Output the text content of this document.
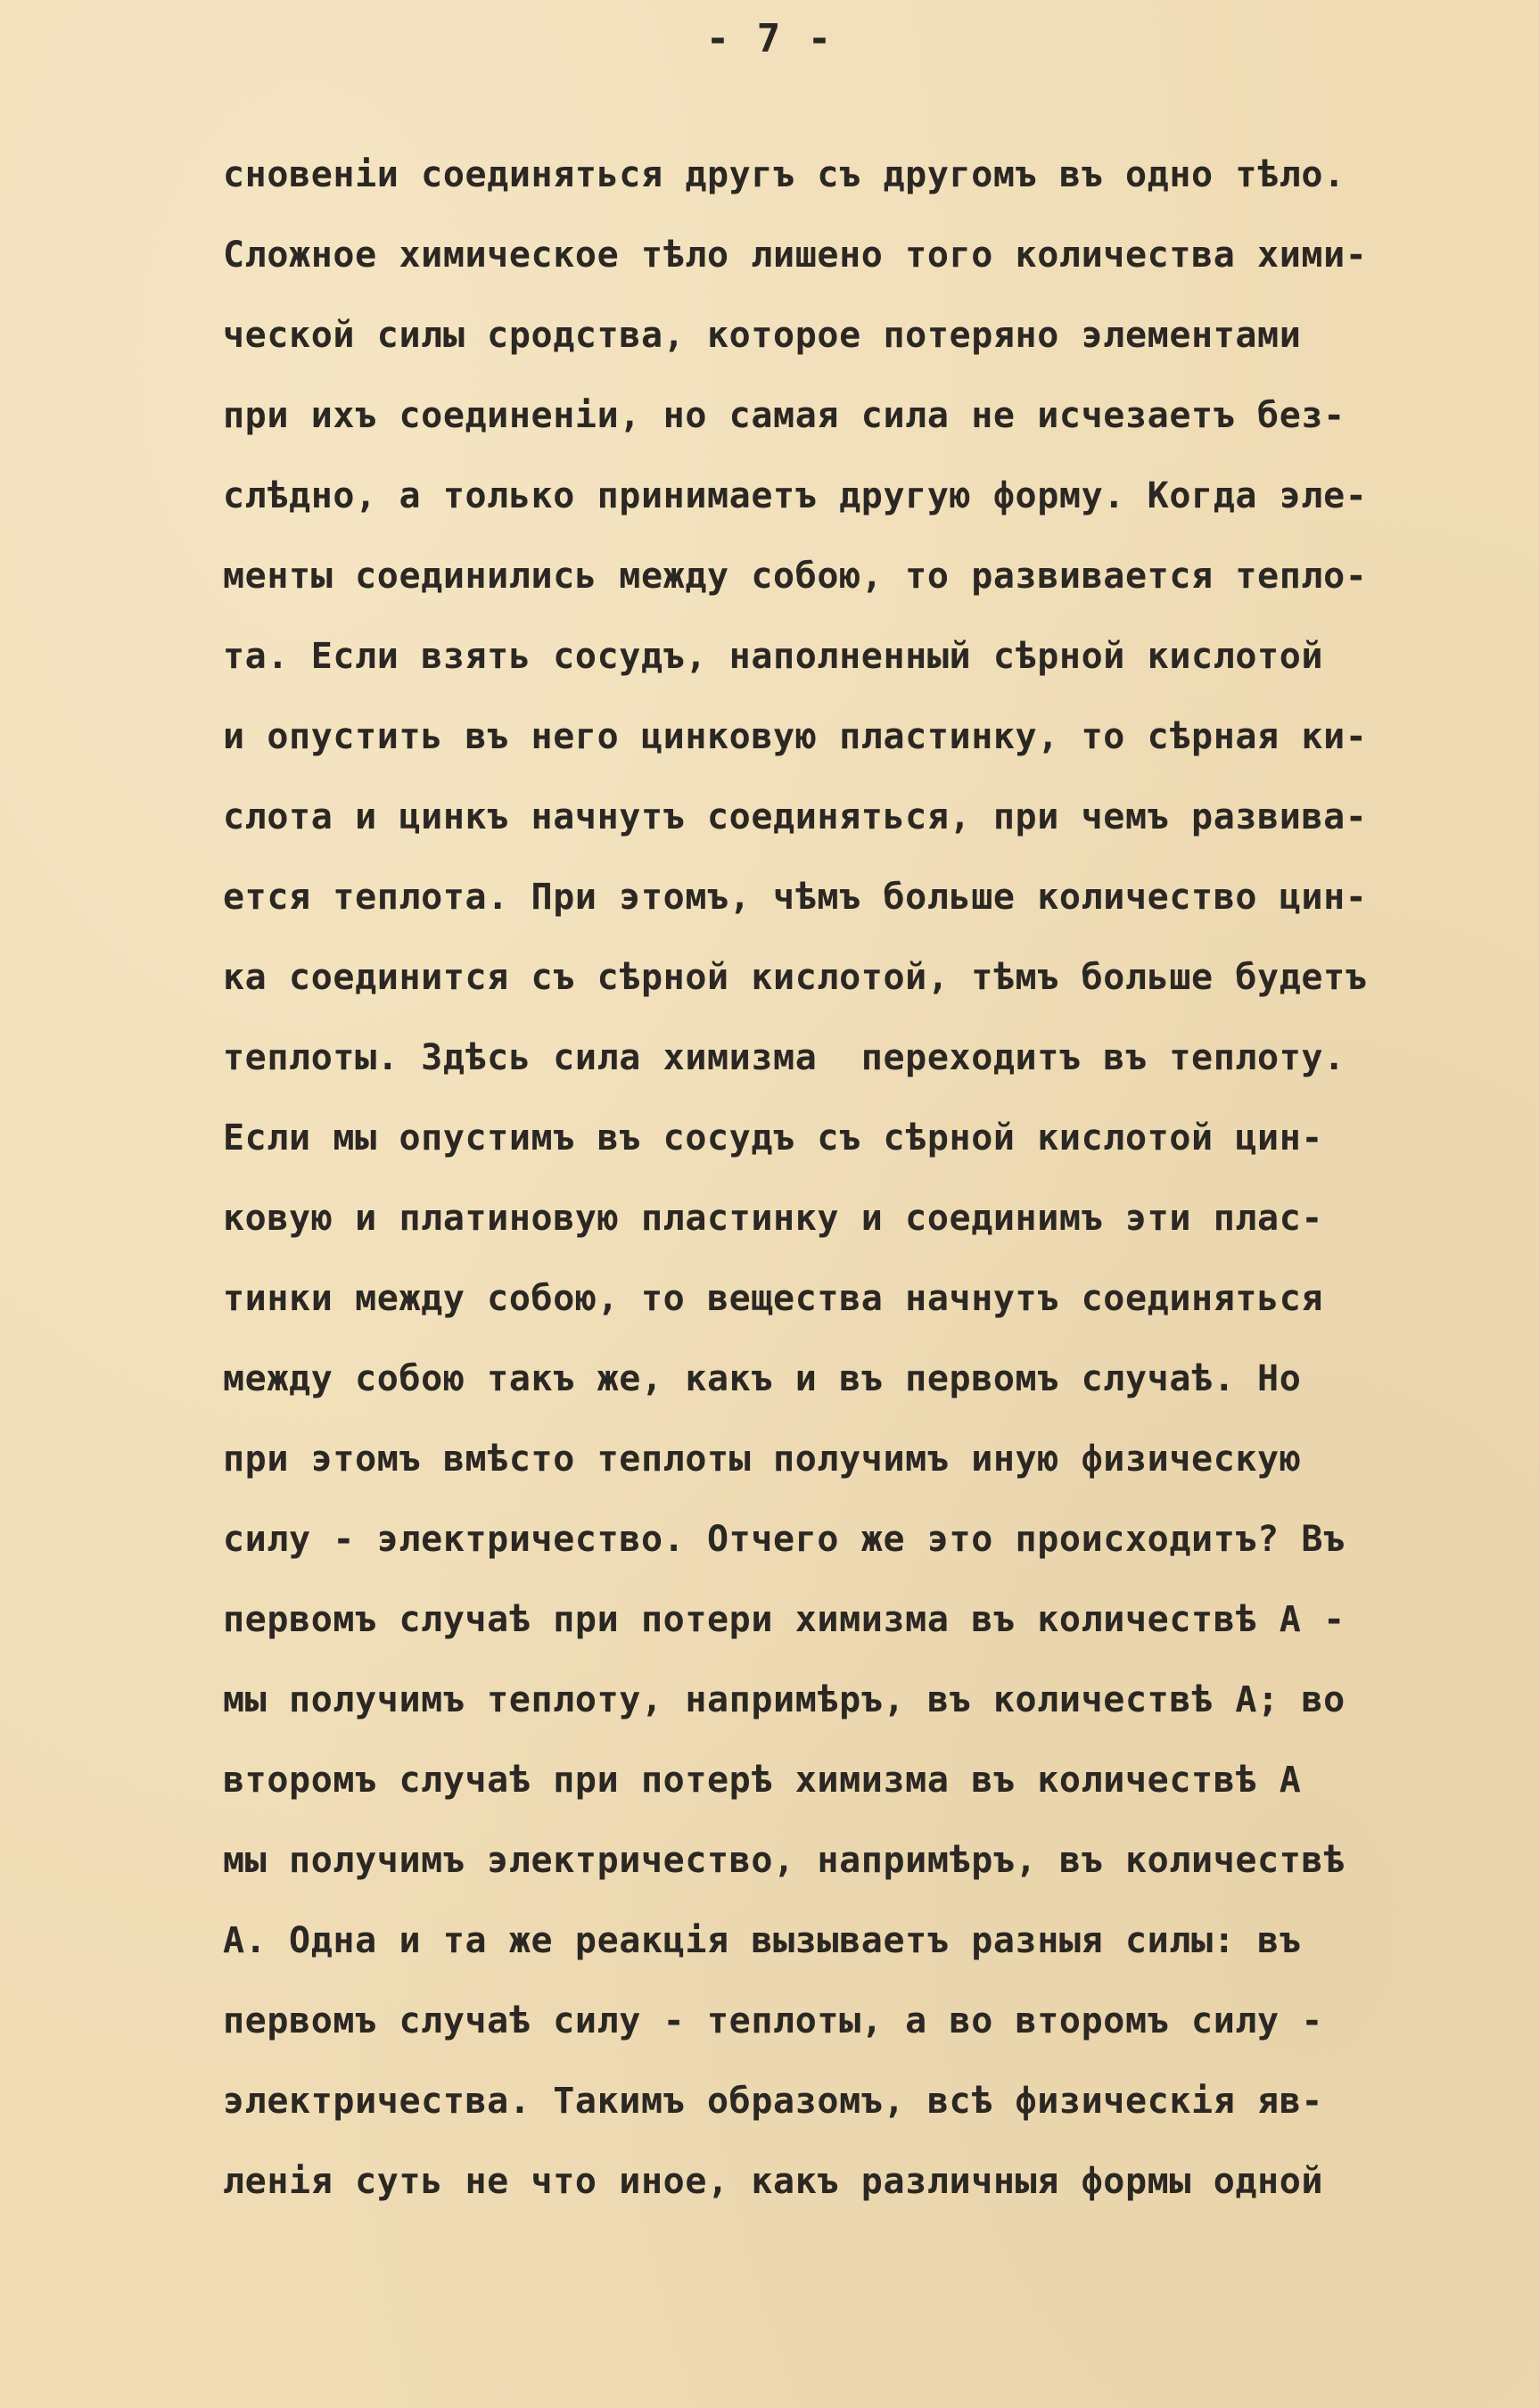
- 7 -
сновенiи соединяться другъ съ другомъ въ одно тѣло.
Сложное химическое тѣло лишено того количества хими-
ческой силы сродства, которое потеряно элементами
при ихъ соединенiи, но самая сила не исчезаетъ без-
слѣдно, а только принимаетъ другую форму. Когда эле-
менты соединились между собою, то развивается тепло-
та. Если взять сосудъ, наполненный сѣрной кислотой
и опустить въ него цинковую пластинку, то сѣрная ки-
слота и цинкъ начнутъ соединяться, при чемъ развива-
ется теплота. При этомъ, чѣмъ больше количество цин-
ка соединится съ сѣрной кислотой, тѣмъ больше будетъ
теплоты. Здѣсь сила химизма  переходитъ въ теплоту.
Если мы опустимъ въ сосудъ съ сѣрной кислотой цин-
ковую и платиновую пластинку и соединимъ эти плас-
тинки между собою, то вещества начнутъ соединяться
между собою такъ же, какъ и въ первомъ случаѣ. Но
при этомъ вмѣсто теплоты получимъ иную физическую
силу - электричество. Отчего же это происходитъ? Въ
первомъ случаѣ при потери химизма въ количествѣ А -
мы получимъ теплоту, напримѣръ, въ количествѣ А; во
второмъ случаѣ при потерѣ химизма въ количествѣ А
мы получимъ электричество, напримѣръ, въ количествѣ
А. Одна и та же реакцiя вызываетъ разныя силы: въ
первомъ случаѣ силу - теплоты, а во второмъ силу -
электричества. Такимъ образомъ, всѣ физическiя яв-
ленiя суть не что иное, какъ различныя формы одной
